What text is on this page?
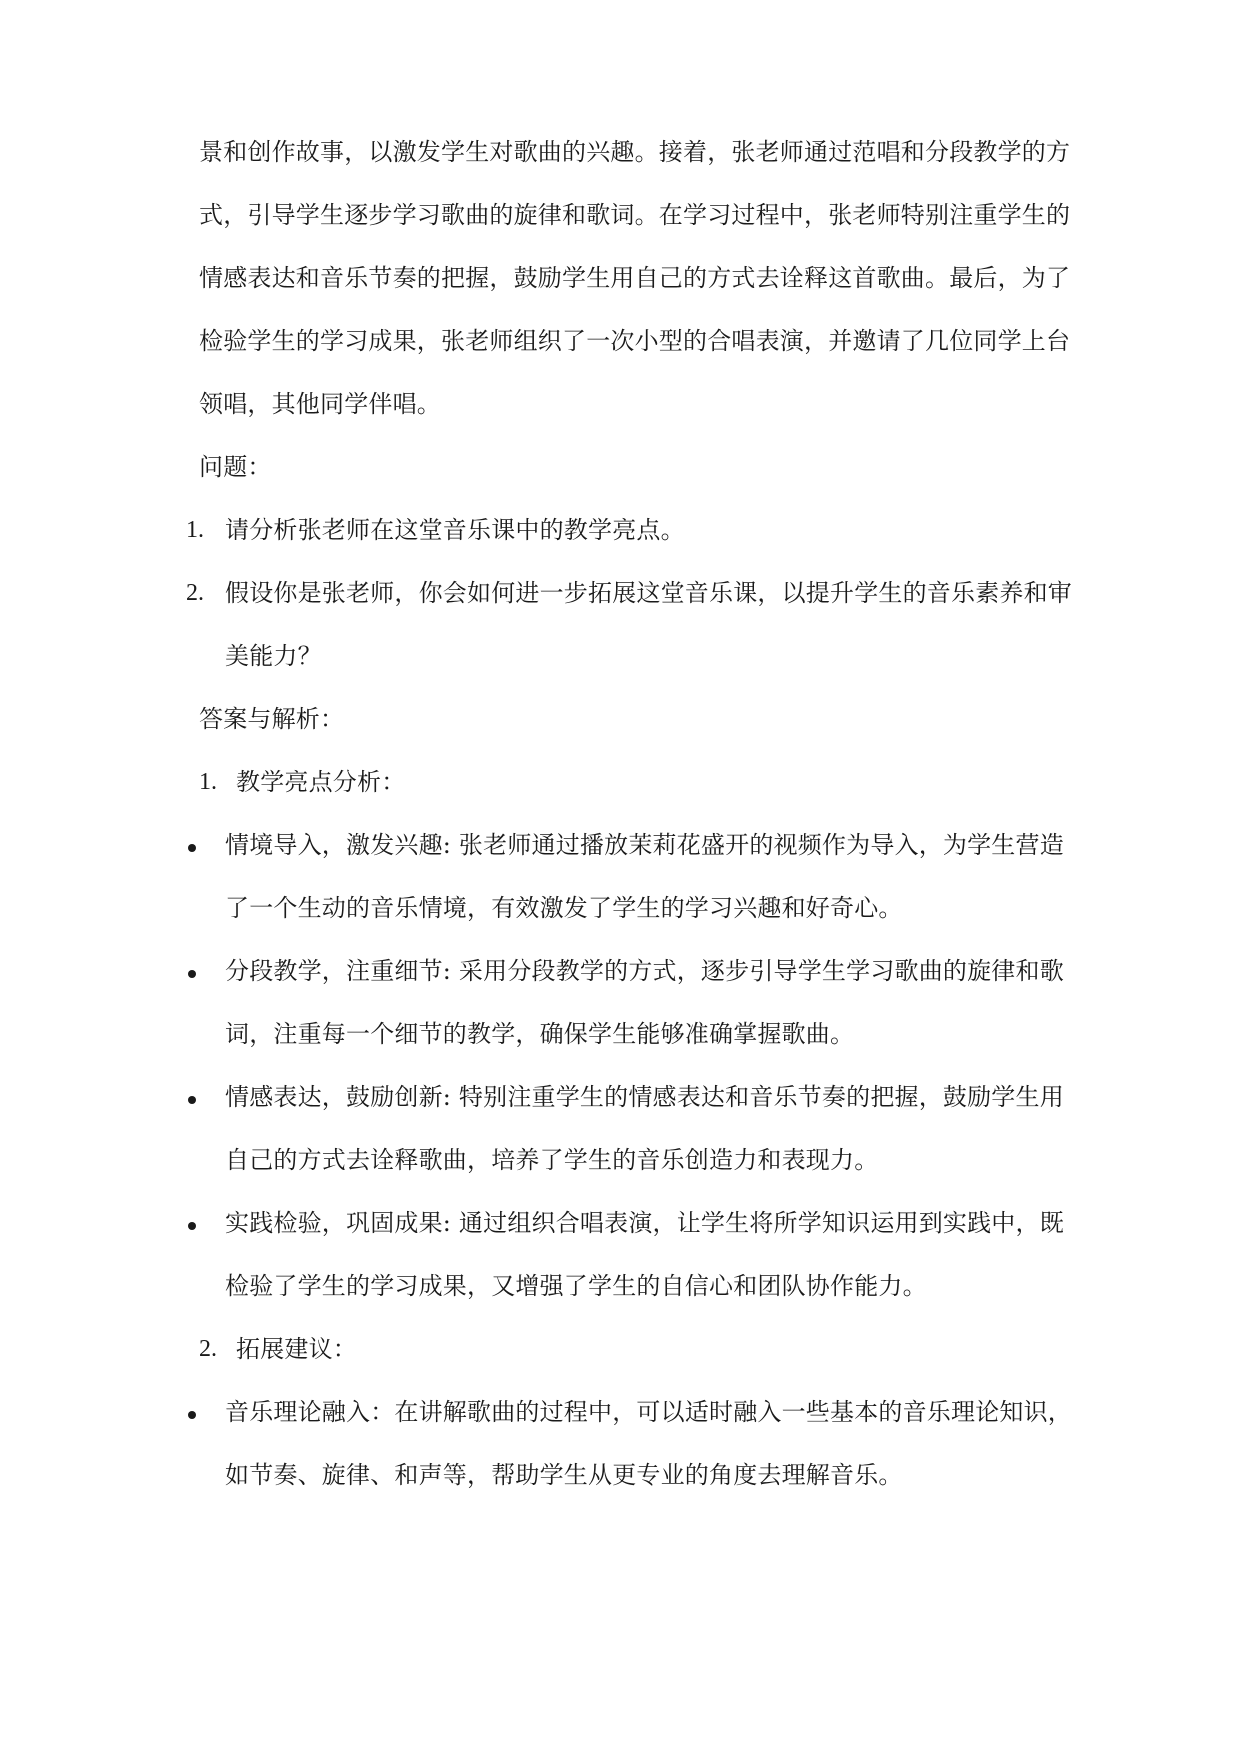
景和创作故事，以激发学生对歌曲的兴趣。接着，张老师通过范唱和分段教学的方
式，引导学生逐步学习歌曲的旋律和歌词。在学习过程中，张老师特别注重学生的
情感表达和音乐节奏的把握，鼓励学生用自己的方式去诠释这首歌曲。最后，为了
检验学生的学习成果，张老师组织了一次小型的合唱表演，并邀请了几位同学上台
领唱，其他同学伴唱。
问题：
1. 请分析张老师在这堂音乐课中的教学亮点。
2. 假设你是张老师，你会如何进一步拓展这堂音乐课，以提升学生的音乐素养和审
美能力？
答案与解析：
1. 教学亮点分析：
情境导入，激发兴趣: 张老师通过播放茉莉花盛开的视频作为导入，为学生营造
了一个生动的音乐情境，有效激发了学生的学习兴趣和好奇心。
分段教学，注重细节: 采用分段教学的方式，逐步引导学生学习歌曲的旋律和歌
词，注重每一个细节的教学，确保学生能够准确掌握歌曲。
情感表达，鼓励创新: 特别注重学生的情感表达和音乐节奏的把握，鼓励学生用
自己的方式去诠释歌曲，培养了学生的音乐创造力和表现力。
实践检验，巩固成果: 通过组织合唱表演，让学生将所学知识运用到实践中，既
检验了学生的学习成果，又增强了学生的自信心和团队协作能力。
2. 拓展建议：
音乐理论融入：在讲解歌曲的过程中，可以适时融入一些基本的音乐理论知识，
如节奏、旋律、和声等，帮助学生从更专业的角度去理解音乐。
